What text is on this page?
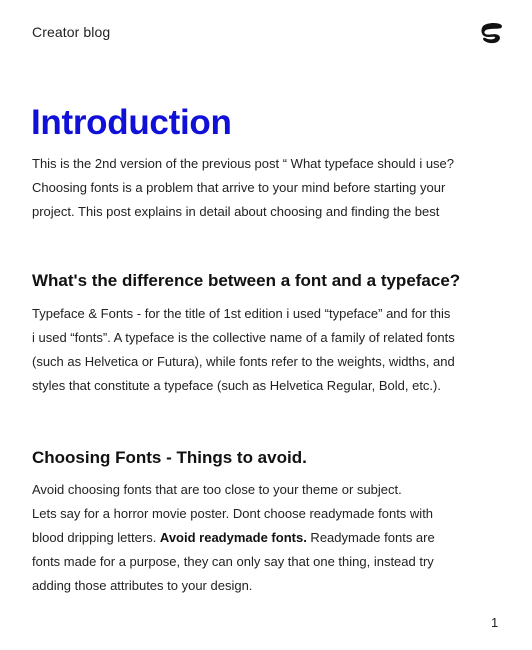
Creator blog
Introduction
This is the 2nd version of the previous post “ What typeface should i use?
Choosing fonts is a problem that arrive to your mind before starting your
project. This post explains in detail about choosing and finding the best
What's the difference between a font and a typeface?
Typeface & Fonts - for the title of 1st edition i used “typeface” and for this
i used “fonts”. A typeface is the collective name of a family of related fonts
(such as Helvetica or Futura), while fonts refer to the weights, widths, and
styles that constitute a typeface (such as Helvetica Regular, Bold, etc.).
Choosing Fonts - Things to avoid.
Avoid choosing fonts that are too close to your theme or subject.
Lets say for a horror movie poster. Dont choose readymade fonts with
blood dripping letters. Avoid readymade fonts. Readymade fonts are
fonts made for a purpose, they can only say that one thing, instead try
adding those attributes to your design.
1
